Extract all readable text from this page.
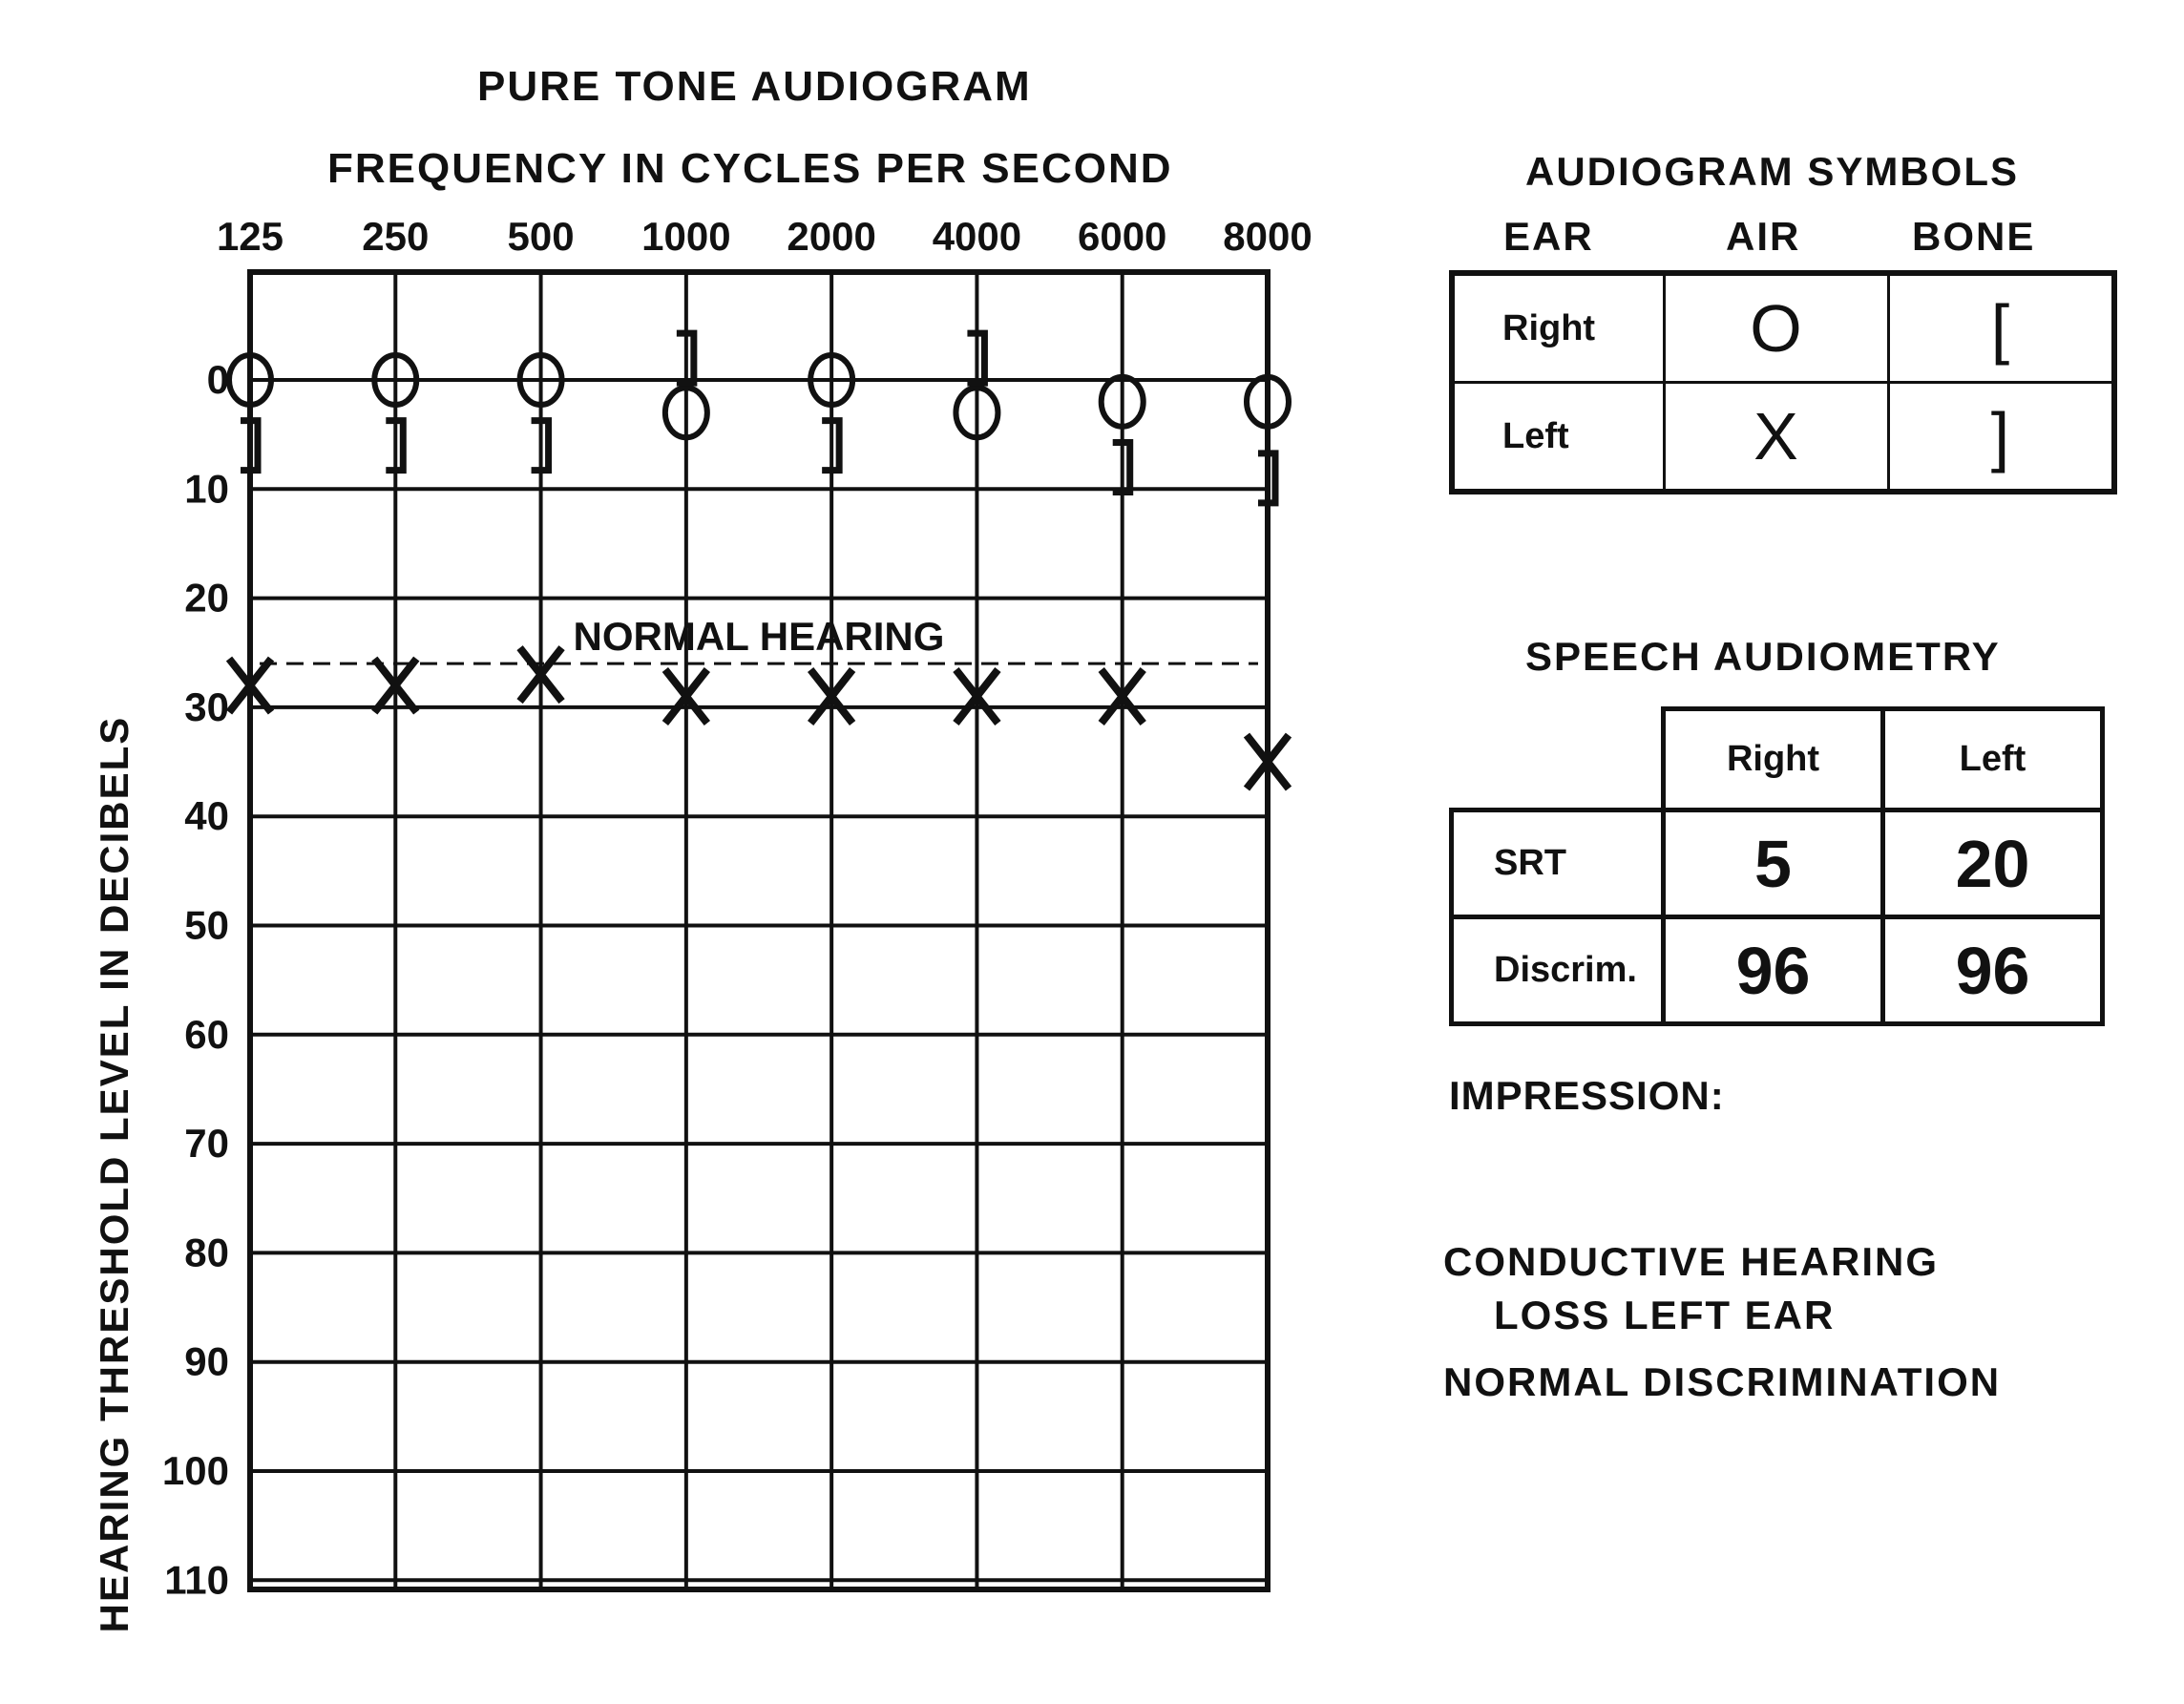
PURE TONE AUDIOGRAM
FREQUENCY IN CYCLES PER SECOND
HEARING THRESHOLD LEVEL IN DECIBELS
125 250 500 1000 2000 4000 6000 8000
0
10
20
30
40
50
60
70
80
90
100
110
NORMAL HEARING
AUDIOGRAM SYMBOLS
EAR	AIR	BONE
Right	O	[
Left	X	]
SPEECH AUDIOMETRY
	Right	Left
SRT	5	20
Discrim.	96	96
IMPRESSION:
CONDUCTIVE HEARING
LOSS LEFT EAR
NORMAL DISCRIMINATION
